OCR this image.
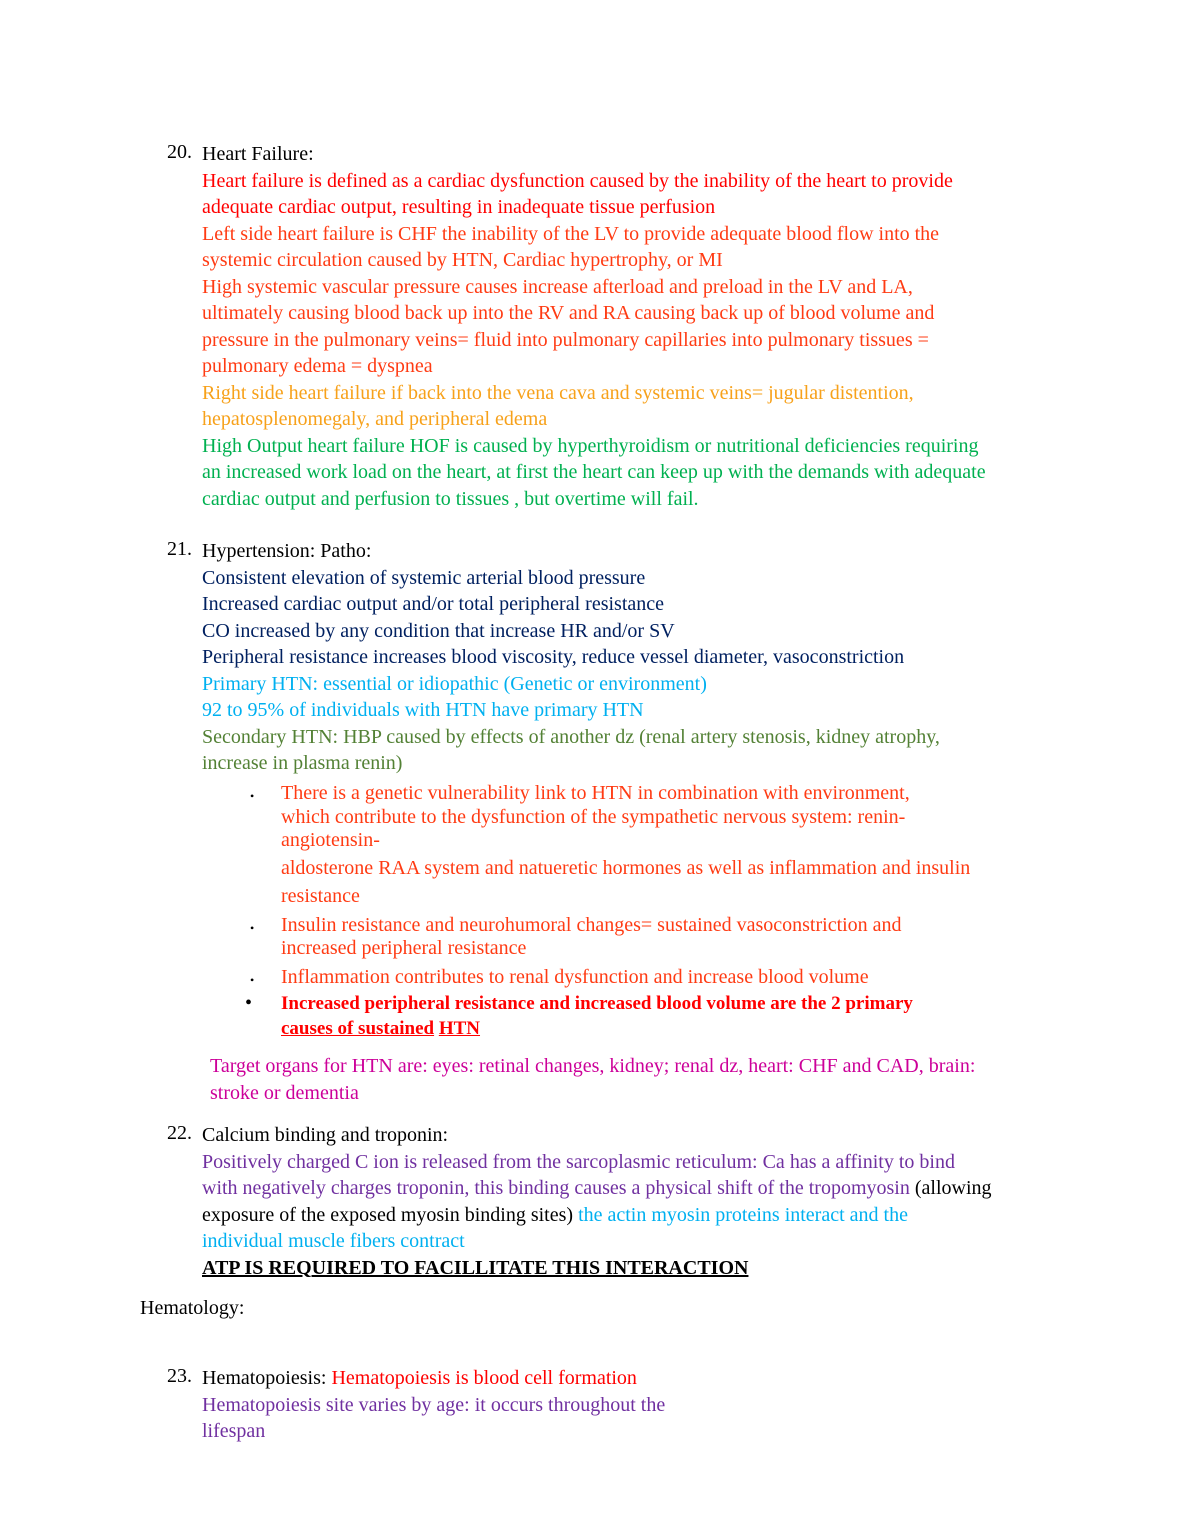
20. Heart Failure:
Heart failure is defined as a cardiac dysfunction caused by the inability of the heart to provide
adequate cardiac output, resulting in inadequate tissue perfusion
Left side heart failure is CHF the inability of the LV to provide adequate blood flow into the
systemic circulation caused by HTN, Cardiac hypertrophy, or MI
High systemic vascular pressure causes increase afterload and preload in the LV and LA,
ultimately causing blood back up into the RV and RA causing back up of blood volume and
pressure in the pulmonary veins= fluid into pulmonary capillaries into pulmonary tissues =
pulmonary edema = dyspnea
Right side heart failure if back into the vena cava and systemic veins= jugular distention,
hepatosplenomegaly, and peripheral edema
High Output heart failure HOF is caused by hyperthyroidism or nutritional deficiencies requiring
an increased work load on the heart, at first the heart can keep up with the demands with adequate
cardiac output and perfusion to tissues , but overtime will fail.
21. Hypertension: Patho:
Consistent elevation of systemic arterial blood pressure
Increased cardiac output and/or total peripheral resistance
CO increased by any condition that increase HR and/or SV
Peripheral resistance increases blood viscosity, reduce vessel diameter, vasoconstriction
Primary HTN: essential or idiopathic (Genetic or environment)
92 to 95% of individuals with HTN have primary HTN
Secondary HTN: HBP caused by effects of another dz (renal artery stenosis, kidney atrophy,
increase in plasma renin)
• There is a genetic vulnerability link to HTN in combination with environment,
which contribute to the dysfunction of the sympathetic nervous system: renin-
angiotensin-
aldosterone RAA system and natueretic hormones as well as inflammation and insulin
resistance
• Insulin resistance and neurohumoral changes= sustained vasoconstriction and
increased peripheral resistance
• Inflammation contributes to renal dysfunction and increase blood volume
• Increased peripheral resistance and increased blood volume are the 2 primary
causes of sustained HTN
Target organs for HTN are: eyes: retinal changes, kidney; renal dz, heart: CHF and CAD, brain:
stroke or dementia
22. Calcium binding and troponin:
Positively charged C ion is released from the sarcoplasmic reticulum: Ca has a affinity to bind
with negatively charges troponin, this binding causes a physical shift of the tropomyosin (allowing
exposure of the exposed myosin binding sites) the actin myosin proteins interact and the
individual muscle fibers contract
ATP IS REQUIRED TO FACILLITATE THIS INTERACTION
Hematology:
23. Hematopoiesis: Hematopoiesis is blood cell formation
Hematopoiesis site varies by age: it occurs throughout the
lifespan
